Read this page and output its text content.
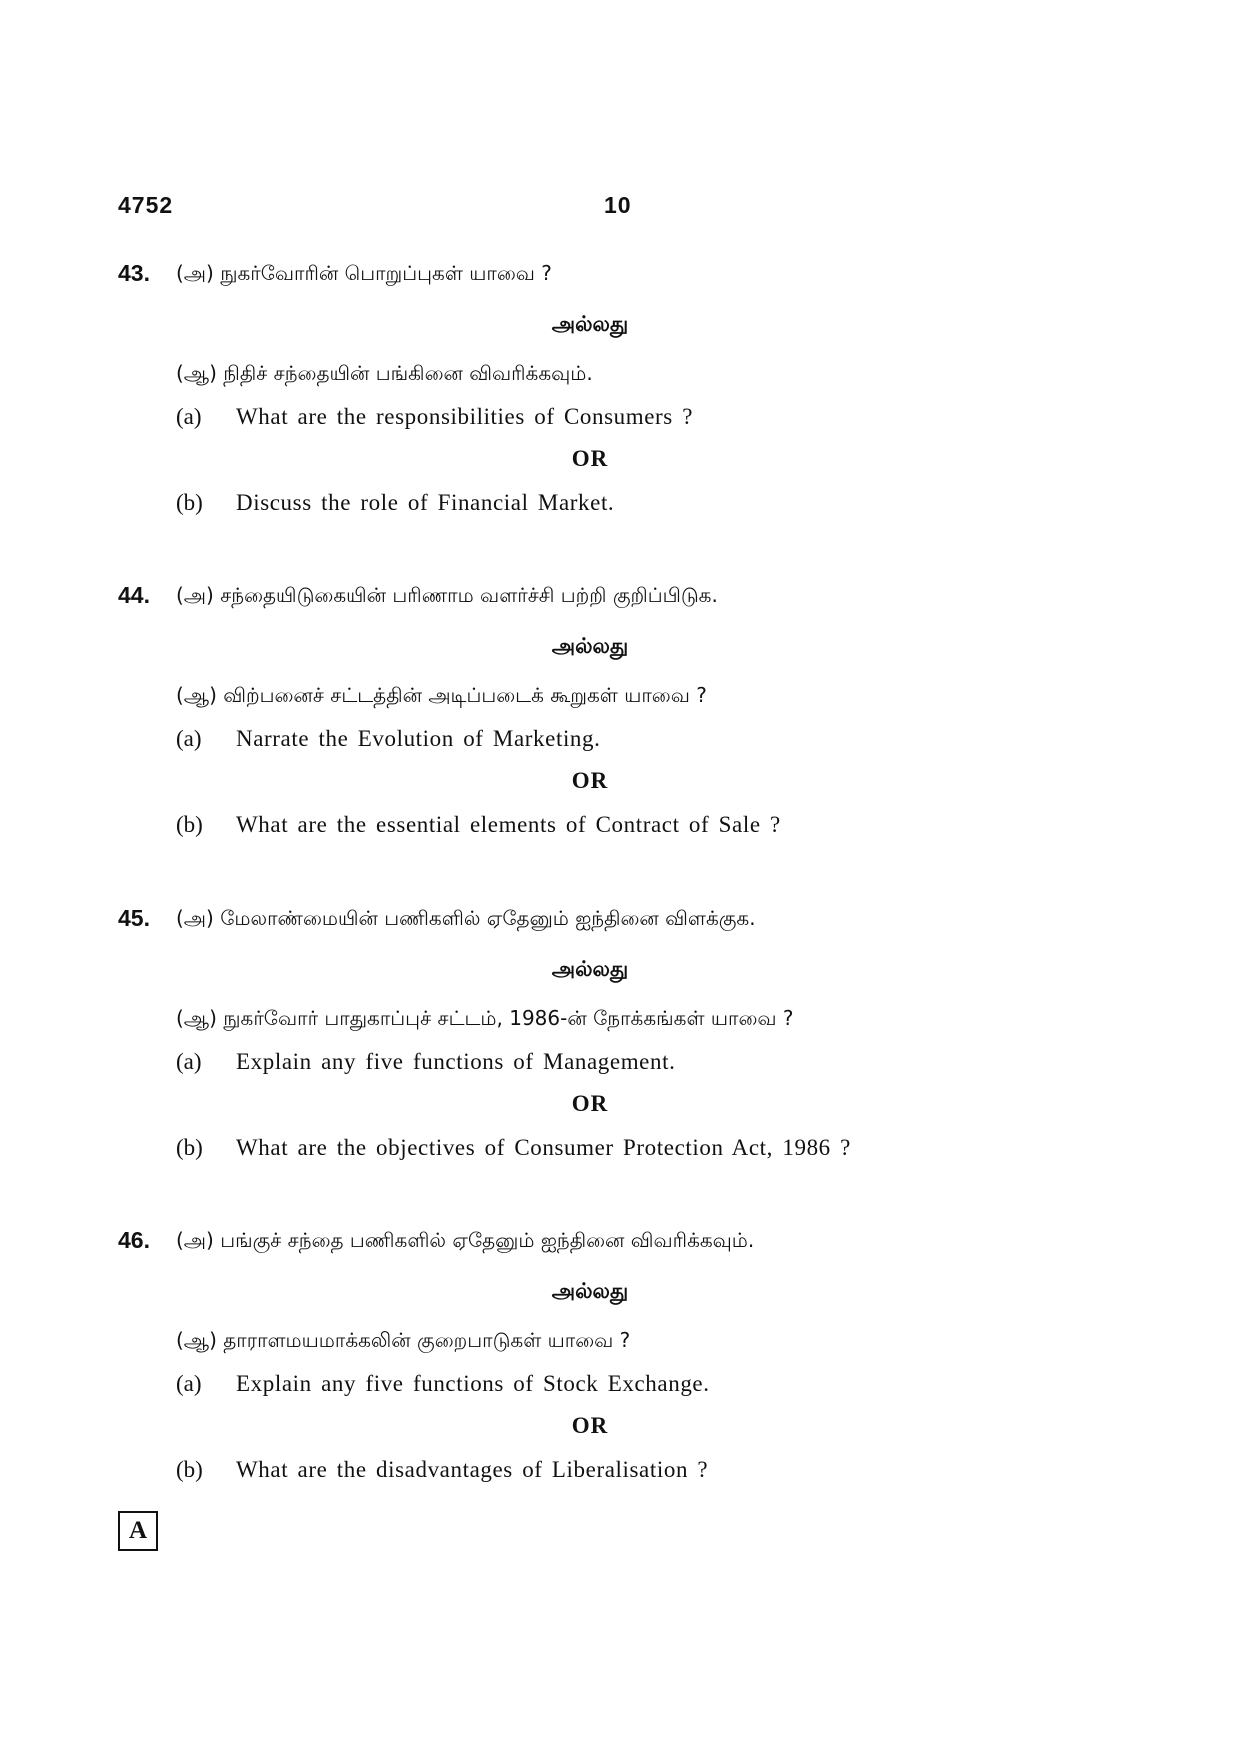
4752	10
43. (அ) நுகர்வோரின் பொறுப்புகள் யாவை ?
அல்லது
(ஆ) நிதிச் சந்தையின் பங்கினை விவரிக்கவும்.
(a) What are the responsibilities of Consumers ?
OR
(b) Discuss the role of Financial Market.
44. (அ) சந்தையிடுகையின் பரிணாம வளர்ச்சி பற்றி குறிப்பிடுக.
அல்லது
(ஆ) விற்பனைச் சட்டத்தின் அடிப்படைக் கூறுகள் யாவை ?
(a) Narrate the Evolution of Marketing.
OR
(b) What are the essential elements of Contract of Sale ?
45. (அ) மேலாண்மையின் பணிகளில் ஏதேனும் ஐந்தினை விளக்குக.
அல்லது
(ஆ) நுகர்வோர் பாதுகாப்புச் சட்டம், 1986-ன் நோக்கங்கள் யாவை ?
(a) Explain any five functions of Management.
OR
(b) What are the objectives of Consumer Protection Act, 1986 ?
46. (அ) பங்குச் சந்தை பணிகளில் ஏதேனும் ஐந்தினை விவரிக்கவும்.
அல்லது
(ஆ) தாராளமயமாக்கலின் குறைபாடுகள் யாவை ?
(a) Explain any five functions of Stock Exchange.
OR
(b) What are the disadvantages of Liberalisation ?
A
